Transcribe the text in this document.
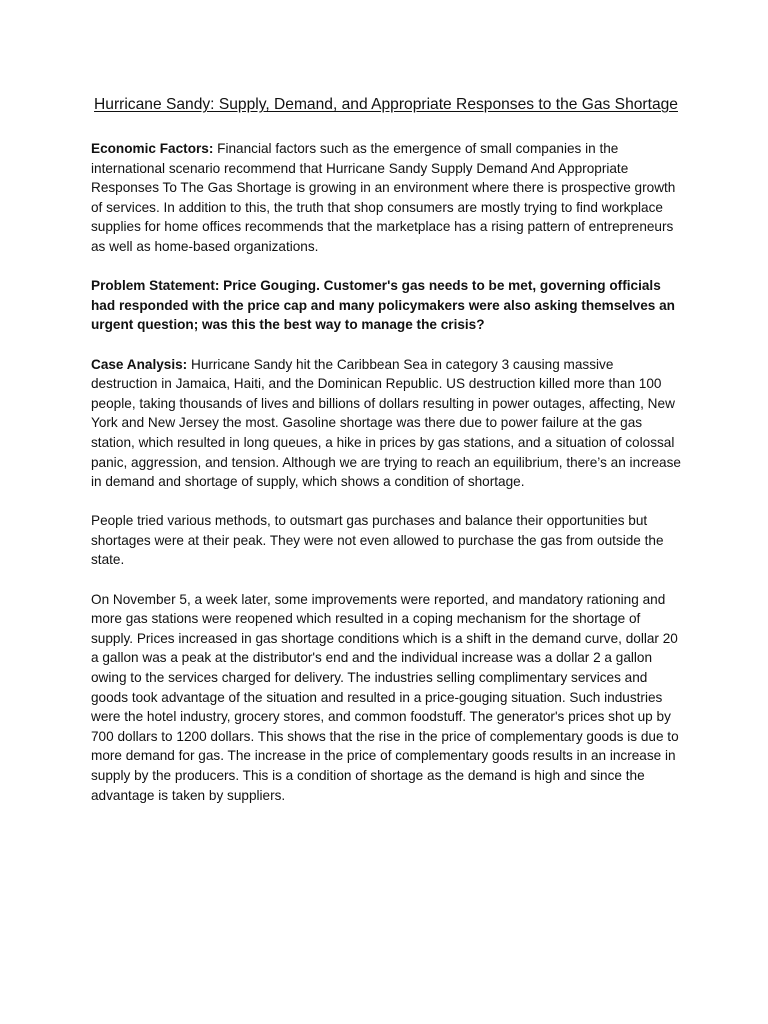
Hurricane Sandy: Supply, Demand, and Appropriate Responses to the Gas Shortage

Economic Factors: Financial factors such as the emergence of small companies in the international scenario recommend that Hurricane Sandy Supply Demand And Appropriate Responses To The Gas Shortage is growing in an environment where there is prospective growth of services. In addition to this, the truth that shop consumers are mostly trying to find workplace supplies for home offices recommends that the marketplace has a rising pattern of entrepreneurs as well as home-based organizations.

Problem Statement: Price Gouging. Customer's gas needs to be met, governing officials had responded with the price cap and many policymakers were also asking themselves an urgent question; was this the best way to manage the crisis?

Case Analysis: Hurricane Sandy hit the Caribbean Sea in category 3 causing massive destruction in Jamaica, Haiti, and the Dominican Republic. US destruction killed more than 100 people, taking thousands of lives and billions of dollars resulting in power outages, affecting, New York and New Jersey the most. Gasoline shortage was there due to power failure at the gas station, which resulted in long queues, a hike in prices by gas stations, and a situation of colossal panic, aggression, and tension. Although we are trying to reach an equilibrium, there’s an increase in demand and shortage of supply, which shows a condition of shortage.

People tried various methods, to outsmart gas purchases and balance their opportunities but shortages were at their peak. They were not even allowed to purchase the gas from outside the state.

On November 5, a week later, some improvements were reported, and mandatory rationing and more gas stations were reopened which resulted in a coping mechanism for the shortage of supply. Prices increased in gas shortage conditions which is a shift in the demand curve, dollar 20 a gallon was a peak at the distributor's end and the individual increase was a dollar 2 a gallon owing to the services charged for delivery. The industries selling complimentary services and goods took advantage of the situation and resulted in a price-gouging situation. Such industries were the hotel industry, grocery stores, and common foodstuff. The generator's prices shot up by 700 dollars to 1200 dollars. This shows that the rise in the price of complementary goods is due to more demand for gas. The increase in the price of complementary goods results in an increase in supply by the producers. This is a condition of shortage as the demand is high and since the advantage is taken by suppliers.
